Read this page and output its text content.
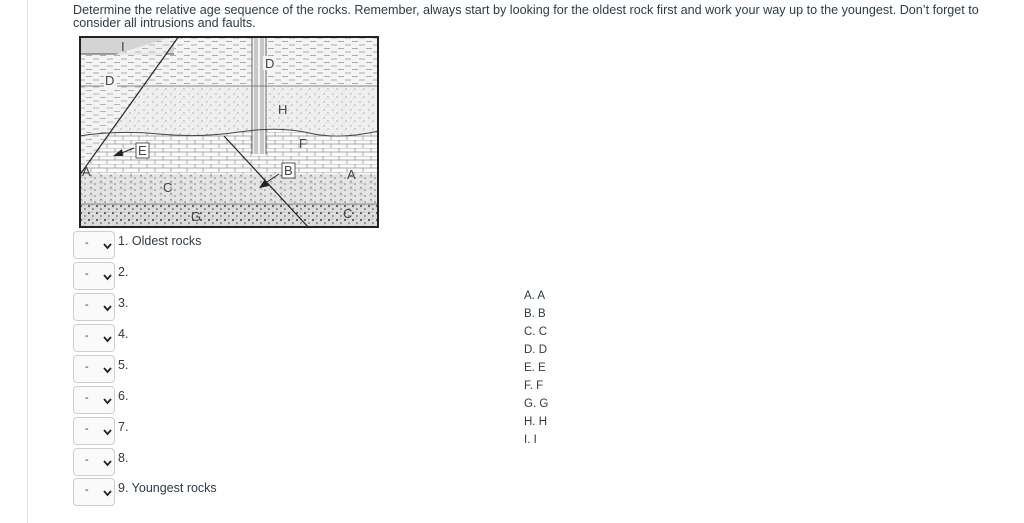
Determine the relative age sequence of the rocks. Remember, always start by looking for the oldest rock first and work your way up to the youngest. Don’t forget to consider all intrusions and faults.
I
D
D
H
F
E
B	A
A
C
C
G
- 1. Oldest rocks
- 2.
- 3.
- 4.
- 5.
- 6.
- 7.
- 8.
- 9. Youngest rocks
A. A
B. B
C. C
D. D
E. E
F. F
G. G
H. H
I. I
